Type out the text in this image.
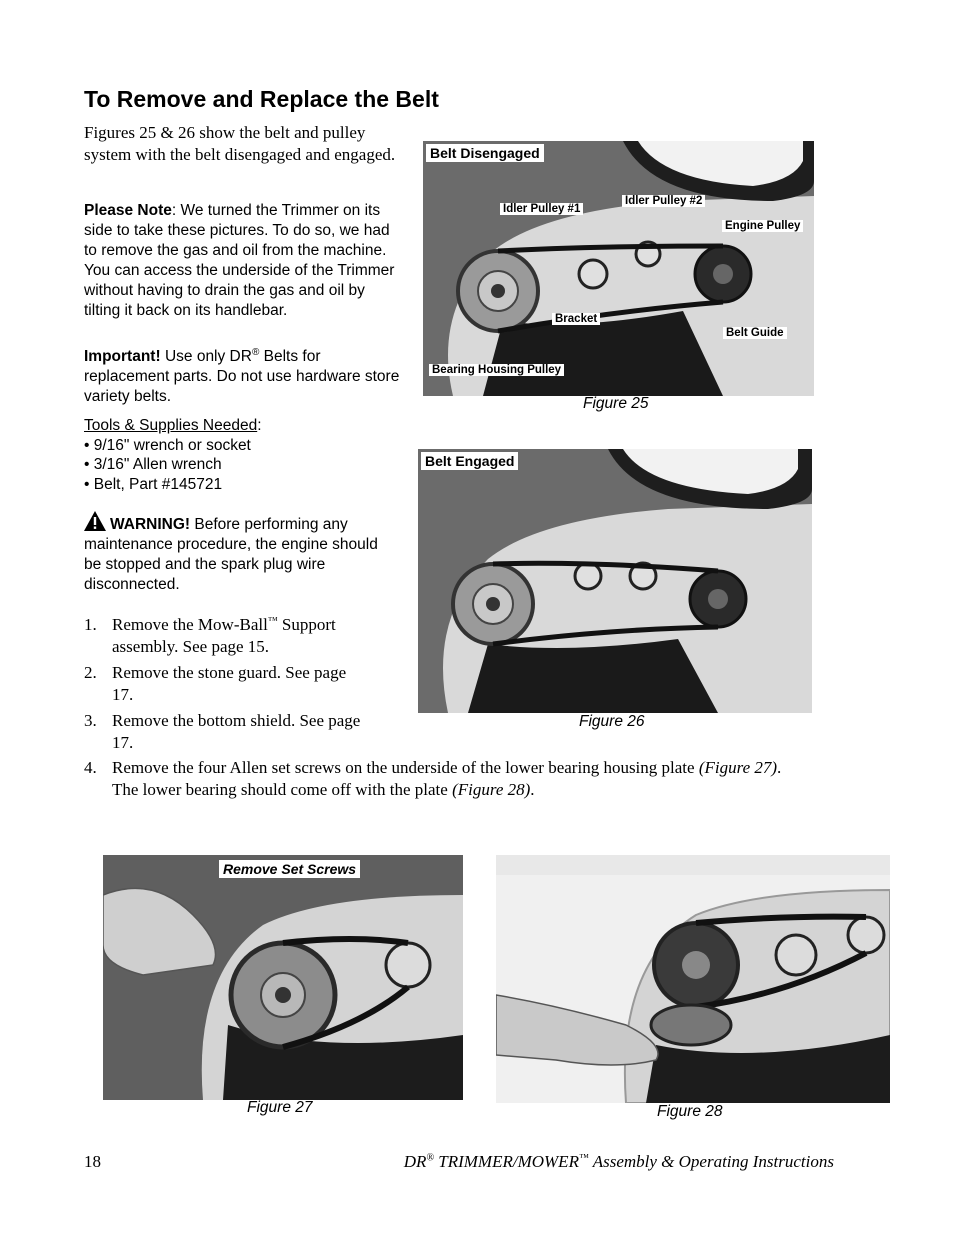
To Remove and Replace the Belt
Figures 25 & 26 show the belt and pulley system with the belt disengaged and engaged.
Please Note: We turned the Trimmer on its side to take these pictures. To do so, we had to remove the gas and oil from the machine. You can access the underside of the Trimmer without having to drain the gas and oil by tilting it back on its handlebar.
Important! Use only DR® Belts for replacement parts. Do not use hardware store variety belts.
Tools & Supplies Needed:
• 9/16" wrench or socket
• 3/16" Allen wrench
• Belt, Part #145721
WARNING! Before performing any maintenance procedure, the engine should be stopped and the spark plug wire disconnected.
1. Remove the Mow-Ball™ Support assembly. See page 15.
2. Remove the stone guard. See page 17.
3. Remove the bottom shield. See page 17.
4. Remove the four Allen set screws on the underside of the lower bearing housing plate (Figure 27). The lower bearing should come off with the plate (Figure 28).
Belt Disengaged
Idler Pulley #1
Idler Pulley #2
Engine Pulley
Bracket
Belt Guide
Bearing Housing Pulley
Figure 25
Belt Engaged
Figure 26
Remove Set Screws
Figure 27	Figure 28
18	DR® TRIMMER/MOWER™ Assembly & Operating Instructions
